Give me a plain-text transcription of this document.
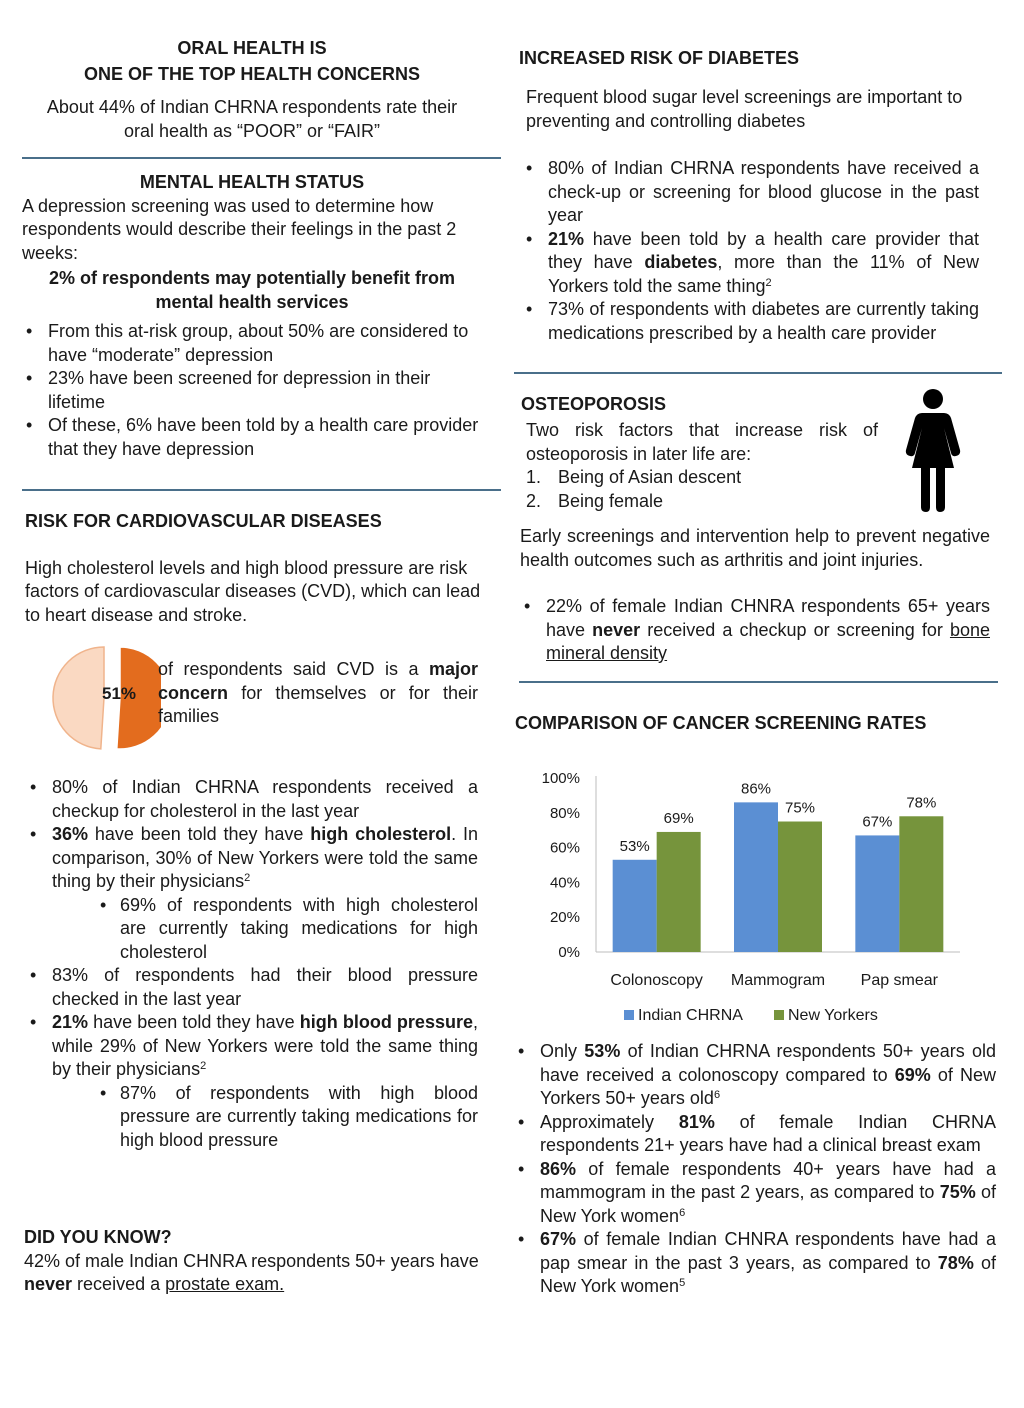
ORAL HEALTH IS
ONE OF THE TOP HEALTH CONCERNS
About 44% of Indian CHRNA respondents rate their oral health as “POOR” or “FAIR”
MENTAL HEALTH STATUS
A depression screening was used to determine how respondents would describe their feelings in the past 2 weeks:
2% of respondents may potentially benefit from mental health services
• From this at-risk group, about 50% are considered to have “moderate” depression
• 23% have been screened for depression in their lifetime
• Of these, 6% have been told by a health care provider that they have depression
RISK FOR CARDIOVASCULAR DISEASES
High cholesterol levels and high blood pressure are risk factors of cardiovascular diseases (CVD), which can lead to heart disease and stroke.
51%
of respondents said CVD is a major concern for themselves or for their families
• 80% of Indian CHRNA respondents received a checkup for cholesterol in the last year
• 36% have been told they have high cholesterol. In comparison, 30% of New Yorkers were told the same thing by their physicians$^2$
• 69% of respondents with high cholesterol are currently taking medications for high cholesterol
• 83% of respondents had their blood pressure checked in the last year
• 21% have been told they have high blood pressure, while 29% of New Yorkers were told the same thing by their physicians$^2$
• 87% of respondents with high blood pressure are currently taking medications for high blood pressure
DID YOU KNOW?
42% of male Indian CHNRA respondents 50+ years have never received a prostate exam.
INCREASED RISK OF DIABETES
Frequent blood sugar level screenings are important to preventing and controlling diabetes
• 80% of Indian CHRNA respondents have received a check-up or screening for blood glucose in the past year
• 21% have been told by a health care provider that they have diabetes, more than the 11% of New Yorkers told the same thing$^2$
• 73% of respondents with diabetes are currently taking medications prescribed by a health care provider
OSTEOPOROSIS
Two risk factors that increase risk of osteoporosis in later life are:
1. Being of Asian descent
2. Being female
Early screenings and intervention help to prevent negative health outcomes such as arthritis and joint injuries.
• 22% of female Indian CHNRA respondents 65+ years have never received a checkup or screening for bone mineral density
COMPARISON OF CANCER SCREENING RATES
0%
20%
40%
60%
80%
100%
Colonoscopy Mammogram Pap smear
53%
69%
86%
75%
67%
78%
Indian CHRNA	New Yorkers
• Only 53% of Indian CHRNA respondents 50+ years old have received a colonoscopy compared to 69% of New Yorkers 50+ years old$^6$
• Approximately 81% of female Indian CHRNA respondents 21+ years have had a clinical breast exam
• 86% of female respondents 40+ years have had a mammogram in the past 2 years, as compared to 75% of New York women$^6$
• 67% of female Indian CHNRA respondents have had a pap smear in the past 3 years, as compared to 78% of New York women$^5$
